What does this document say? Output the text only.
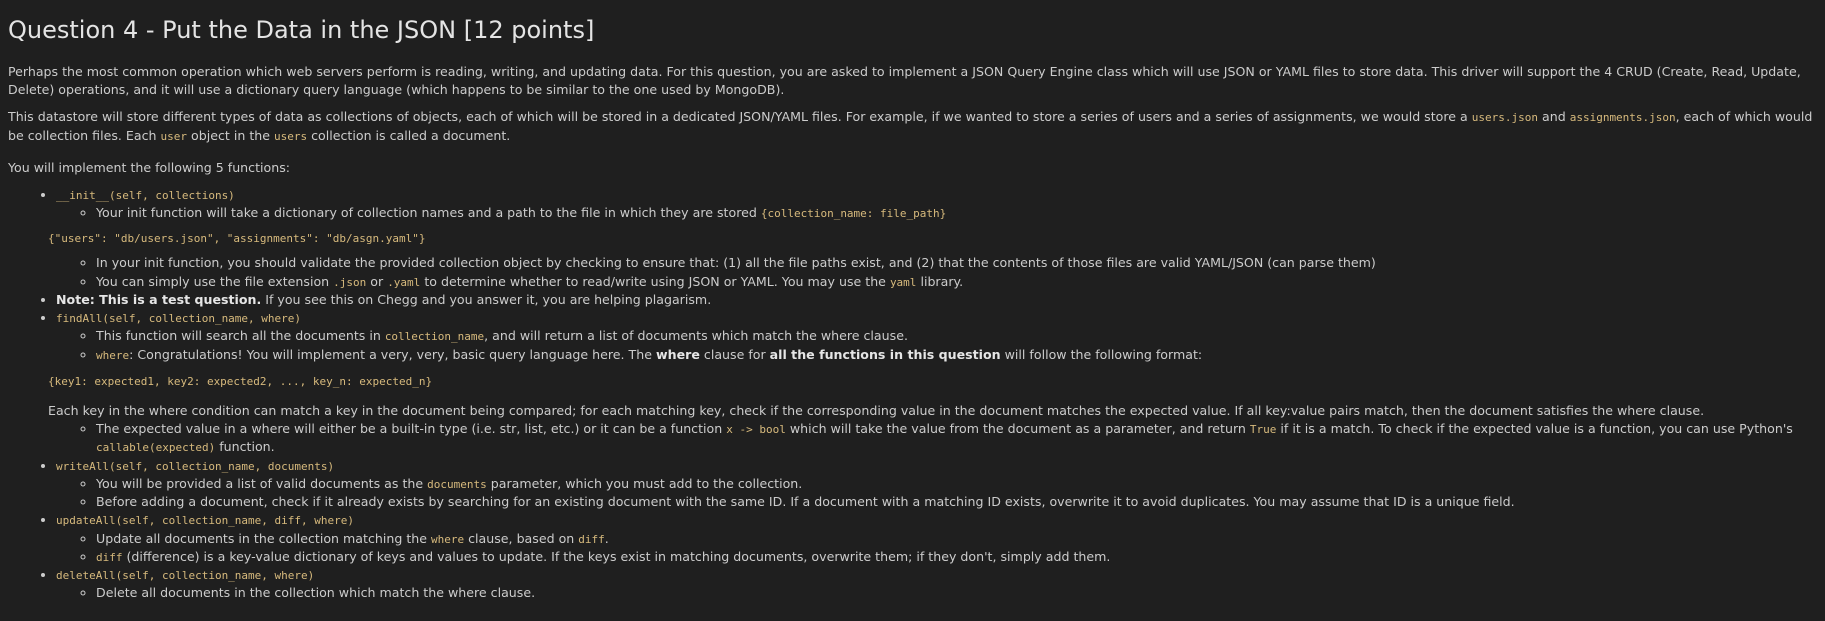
Question 4 - Put the Data in the JSON [12 points]

Perhaps the most common operation which web servers perform is reading, writing, and updating data. For this question, you are asked to implement a JSON Query Engine class which will use JSON or YAML files to store data. This driver will support the 4 CRUD (Create, Read, Update, Delete) operations, and it will use a dictionary query language (which happens to be similar to the one used by MongoDB).

This datastore will store different types of data as collections of objects, each of which will be stored in a dedicated JSON/YAML files. For example, if we wanted to store a series of users and a series of assignments, we would store a users.json and assignments.json, each of which would be collection files. Each user object in the users collection is called a document.

You will implement the following 5 functions:

• __init__(self, collections)
◦ Your init function will take a dictionary of collection names and a path to the file in which they are stored {collection_name: file_path}
{"users": "db/users.json", "assignments": "db/asgn.yaml"}
◦ In your init function, you should validate the provided collection object by checking to ensure that: (1) all the file paths exist, and (2) that the contents of those files are valid YAML/JSON (can parse them)
◦ You can simply use the file extension .json or .yaml to determine whether to read/write using JSON or YAML. You may use the yaml library.
• Note: This is a test question. If you see this on Chegg and you answer it, you are helping plagarism.
• findAll(self, collection_name, where)
◦ This function will search all the documents in collection_name, and will return a list of documents which match the where clause.
◦ where: Congratulations! You will implement a very, very, basic query language here. The where clause for all the functions in this question will follow the following format:
{key1: expected1, key2: expected2, ..., key_n: expected_n}
Each key in the where condition can match a key in the document being compared; for each matching key, check if the corresponding value in the document matches the expected value. If all key:value pairs match, then the document satisfies the where clause.
◦ The expected value in a where will either be a built-in type (i.e. str, list, etc.) or it can be a function x -> bool which will take the value from the document as a parameter, and return True if it is a match. To check if the expected value is a function, you can use Python's callable(expected) function.
• writeAll(self, collection_name, documents)
◦ You will be provided a list of valid documents as the documents parameter, which you must add to the collection.
◦ Before adding a document, check if it already exists by searching for an existing document with the same ID. If a document with a matching ID exists, overwrite it to avoid duplicates. You may assume that ID is a unique field.
• updateAll(self, collection_name, diff, where)
◦ Update all documents in the collection matching the where clause, based on diff.
◦ diff (difference) is a key-value dictionary of keys and values to update. If the keys exist in matching documents, overwrite them; if they don't, simply add them.
• deleteAll(self, collection_name, where)
◦ Delete all documents in the collection which match the where clause.
